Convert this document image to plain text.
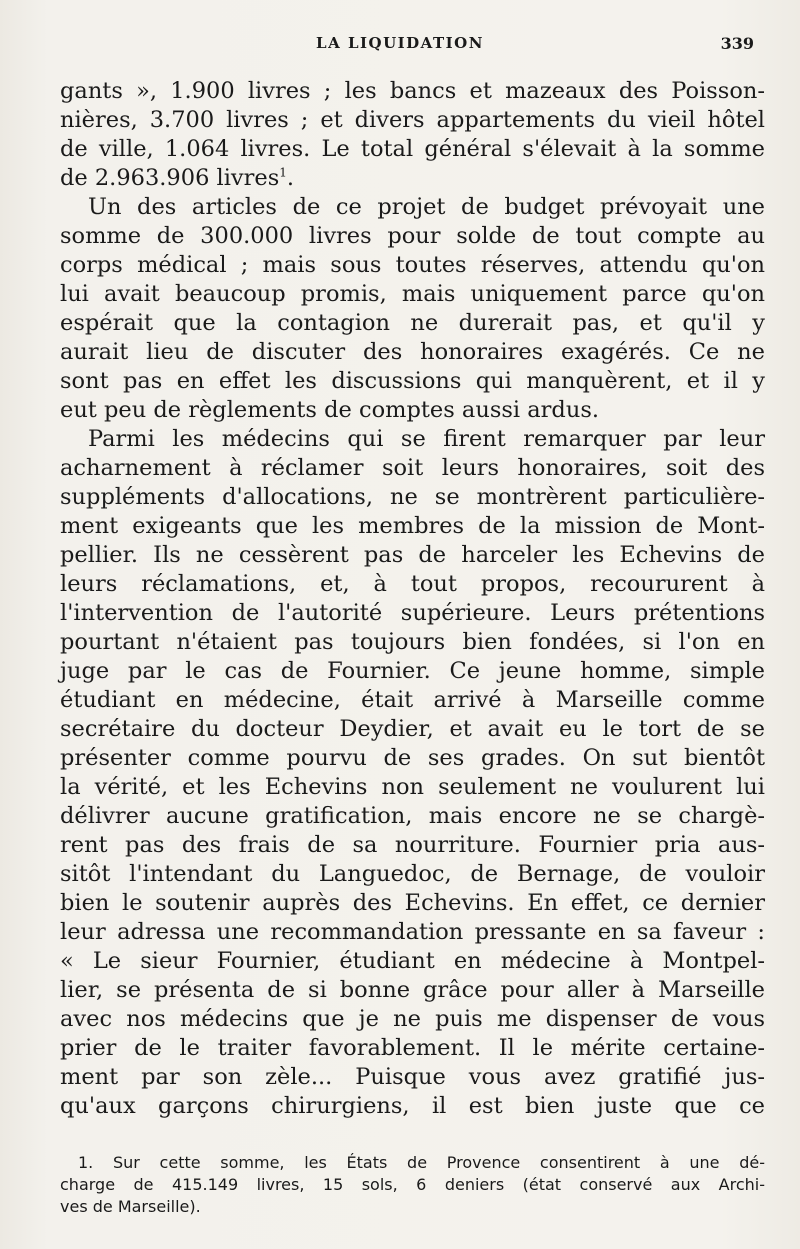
LA LIQUIDATION	339
gants », 1.900 livres ; les bancs et mazeaux des Poisson-
nières, 3.700 livres ; et divers appartements du vieil hôtel
de ville, 1.064 livres. Le total général s'élevait à la somme
de 2.963.906 livres$^1$.
Un des articles de ce projet de budget prévoyait une
somme de 300.000 livres pour solde de tout compte au
corps médical ; mais sous toutes réserves, attendu qu'on
lui avait beaucoup promis, mais uniquement parce qu'on
espérait que la contagion ne durerait pas, et qu'il y
aurait lieu de discuter des honoraires exagérés. Ce ne
sont pas en effet les discussions qui manquèrent, et il y
eut peu de règlements de comptes aussi ardus.
Parmi les médecins qui se firent remarquer par leur
acharnement à réclamer soit leurs honoraires, soit des
suppléments d'allocations, ne se montrèrent particulière-
ment exigeants que les membres de la mission de Mont-
pellier. Ils ne cessèrent pas de harceler les Echevins de
leurs réclamations, et, à tout propos, recoururent à
l'intervention de l'autorité supérieure. Leurs prétentions
pourtant n'étaient pas toujours bien fondées, si l'on en
juge par le cas de Fournier. Ce jeune homme, simple
étudiant en médecine, était arrivé à Marseille comme
secrétaire du docteur Deydier, et avait eu le tort de se
présenter comme pourvu de ses grades. On sut bientôt
la vérité, et les Echevins non seulement ne voulurent lui
délivrer aucune gratification, mais encore ne se chargè-
rent pas des frais de sa nourriture. Fournier pria aus-
sitôt l'intendant du Languedoc, de Bernage, de vouloir
bien le soutenir auprès des Echevins. En effet, ce dernier
leur adressa une recommandation pressante en sa faveur :
« Le sieur Fournier, étudiant en médecine à Montpel-
lier, se présenta de si bonne grâce pour aller à Marseille
avec nos médecins que je ne puis me dispenser de vous
prier de le traiter favorablement. Il le mérite certaine-
ment par son zèle... Puisque vous avez gratifié jus-
qu'aux garçons chirurgiens, il est bien juste que ce
1. Sur cette somme, les États de Provence consentirent à une dé-
charge de 415.149 livres, 15 sols, 6 deniers (état conservé aux Archi-
ves de Marseille).
